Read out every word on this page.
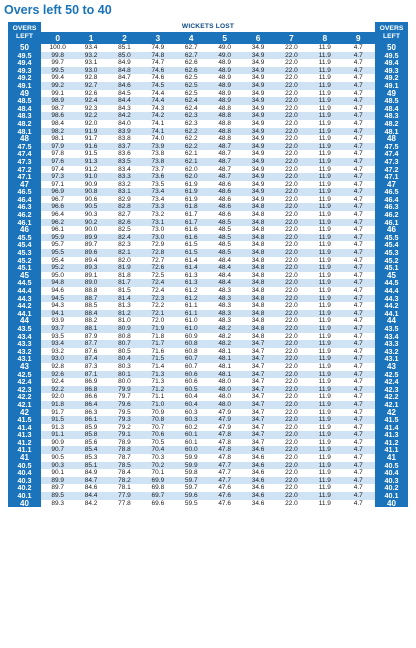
Overs left 50 to 40
OVERS
LEFT	WICKETS LOST										OVERS
LEFT
	0	1	2	3	4	5	6	7	8	9	
50	100.0	93.4	85.1	74.9	62.7	49.0	34.9	22.0	11.9	4.7	50
49.5	99.8	93.2	85.0	74.8	62.7	49.0	34.9	22.0	11.9	4.7	49.5
49.4	99.7	93.1	84.9	74.7	62.6	48.9	34.9	22.0	11.9	4.7	49.4
49.3	99.5	93.0	84.8	74.6	62.6	48.9	34.9	22.0	11.9	4.7	49.3
49.2	99.4	92.8	84.7	74.6	62.5	48.9	34.9	22.0	11.9	4.7	49.2
49.1	99.2	92.7	84.6	74.5	62.5	48.9	34.9	22.0	11.9	4.7	49.1
49	99.1	92.6	84.5	74.4	62.5	48.9	34.9	22.0	11.9	4.7	49
48.5	98.9	92.4	84.4	74.4	62.4	48.9	34.9	22.0	11.9	4.7	48.5
48.4	98.7	92.3	84.3	74.3	62.4	48.8	34.9	22.0	11.9	4.7	48.4
48.3	98.6	92.2	84.2	74.2	62.3	48.8	34.9	22.0	11.9	4.7	48.3
48.2	98.4	92.0	84.0	74.1	62.3	48.8	34.9	22.0	11.9	4.7	48.2
48.1	98.2	91.9	83.9	74.1	62.2	48.8	34.9	22.0	11.9	4.7	48.1
48	98.1	91.7	83.8	74.0	62.2	48.8	34.9	22.0	11.9	4.7	48
47.5	97.9	91.6	83.7	73.9	62.2	48.7	34.9	22.0	11.9	4.7	47.5
47.4	97.8	91.5	83.6	73.8	62.1	48.7	34.9	22.0	11.9	4.7	47.4
47.3	97.6	91.3	83.5	73.8	62.1	48.7	34.9	22.0	11.9	4.7	47.3
47.2	97.4	91.2	83.4	73.7	62.0	48.7	34.9	22.0	11.9	4.7	47.2
47.1	97.3	91.0	83.3	73.6	62.0	48.7	34.9	22.0	11.9	4.7	47.1
47	97.1	90.9	83.2	73.5	61.9	48.6	34.9	22.0	11.9	4.7	47
46.5	96.9	90.8	83.1	73.4	61.9	48.6	34.9	22.0	11.9	4.7	46.5
46.4	96.7	90.6	82.9	73.4	61.9	48.6	34.9	22.0	11.9	4.7	46.4
46.3	96.6	90.5	82.8	73.3	61.8	48.6	34.8	22.0	11.9	4.7	46.3
46.2	96.4	90.3	82.7	73.2	61.7	48.6	34.8	22.0	11.9	4.7	46.2
46.1	96.2	90.2	82.6	73.1	61.7	48.5	34.8	22.0	11.9	4.7	46.1
46	96.1	90.0	82.5	73.0	61.6	48.5	34.8	22.0	11.9	4.7	46
45.5	95.9	89.9	82.4	73.0	61.6	48.5	34.8	22.0	11.9	4.7	45.5
45.4	95.7	89.7	82.3	72.9	61.5	48.5	34.8	22.0	11.9	4.7	45.4
45.3	95.5	89.6	82.1	72.8	61.5	48.5	34.8	22.0	11.9	4.7	45.3
45.2	95.4	89.4	82.0	72.7	61.4	48.4	34.8	22.0	11.9	4.7	45.2
45.1	95.2	89.3	81.9	72.6	61.4	48.4	34.8	22.0	11.9	4.7	45.1
45	95.0	89.1	81.8	72.5	61.3	48.4	34.8	22.0	11.9	4.7	45
44.5	94.8	89.0	81.7	72.4	61.3	48.4	34.8	22.0	11.9	4.7	44.5
44.4	94.6	88.8	81.5	72.4	61.2	48.3	34.8	22.0	11.9	4.7	44.4
44.3	94.5	88.7	81.4	72.3	61.2	48.3	34.8	22.0	11.9	4.7	44.3
44.2	94.3	88.5	81.3	72.2	61.1	48.3	34.8	22.0	11.9	4.7	44.2
44.1	94.1	88.4	81.2	72.1	61.1	48.3	34.8	22.0	11.9	4.7	44.1
44	93.9	88.2	81.0	72.0	61.0	48.3	34.8	22.0	11.9	4.7	44
43.5	93.7	88.1	80.9	71.9	61.0	48.2	34.8	22.0	11.9	4.7	43.5
43.4	93.5	87.9	80.8	71.8	60.9	48.2	34.8	22.0	11.9	4.7	43.4
43.3	93.4	87.7	80.7	71.7	60.8	48.2	34.7	22.0	11.9	4.7	43.3
43.2	93.2	87.6	80.5	71.6	60.8	48.1	34.7	22.0	11.9	4.7	43.2
43.1	93.0	87.4	80.4	71.5	60.7	48.1	34.7	22.0	11.9	4.7	43.1
43	92.8	87.3	80.3	71.4	60.7	48.1	34.7	22.0	11.9	4.7	43
42.5	92.6	87.1	80.1	71.3	60.6	48.1	34.7	22.0	11.9	4.7	42.5
42.4	92.4	86.9	80.0	71.3	60.6	48.0	34.7	22.0	11.9	4.7	42.4
42.3	92.2	86.8	79.9	71.2	60.5	48.0	34.7	22.0	11.9	4.7	42.3
42.2	92.0	86.6	79.7	71.1	60.4	48.0	34.7	22.0	11.9	4.7	42.2
42.1	91.8	86.4	79.6	71.0	60.4	48.0	34.7	22.0	11.9	4.7	42.1
42	91.7	86.3	79.5	70.9	60.3	47.9	34.7	22.0	11.9	4.7	42
41.5	91.5	86.1	79.3	70.8	60.3	47.9	34.7	22.0	11.9	4.7	41.5
41.4	91.3	85.9	79.2	70.7	60.2	47.9	34.7	22.0	11.9	4.7	41.4
41.3	91.1	85.8	79.1	70.6	60.1	47.8	34.7	22.0	11.9	4.7	41.3
41.2	90.9	85.6	78.9	70.5	60.1	47.8	34.7	22.0	11.9	4.7	41.2
41.1	90.7	85.4	78.8	70.4	60.0	47.8	34.6	22.0	11.9	4.7	41.1
41	90.5	85.3	78.7	70.3	59.9	47.8	34.6	22.0	11.9	4.7	41
40.5	90.3	85.1	78.5	70.2	59.9	47.7	34.6	22.0	11.9	4.7	40.5
40.4	90.1	84.9	78.4	70.1	59.8	47.7	34.6	22.0	11.9	4.7	40.4
40.3	89.9	84.7	78.2	69.9	59.7	47.7	34.6	22.0	11.9	4.7	40.3
40.2	89.7	84.6	78.1	69.8	59.7	47.6	34.6	22.0	11.9	4.7	40.2
40.1	89.5	84.4	77.9	69.7	59.6	47.6	34.6	22.0	11.9	4.7	40.1
40	89.3	84.2	77.8	69.6	59.5	47.6	34.6	22.0	11.9	4.7	40
